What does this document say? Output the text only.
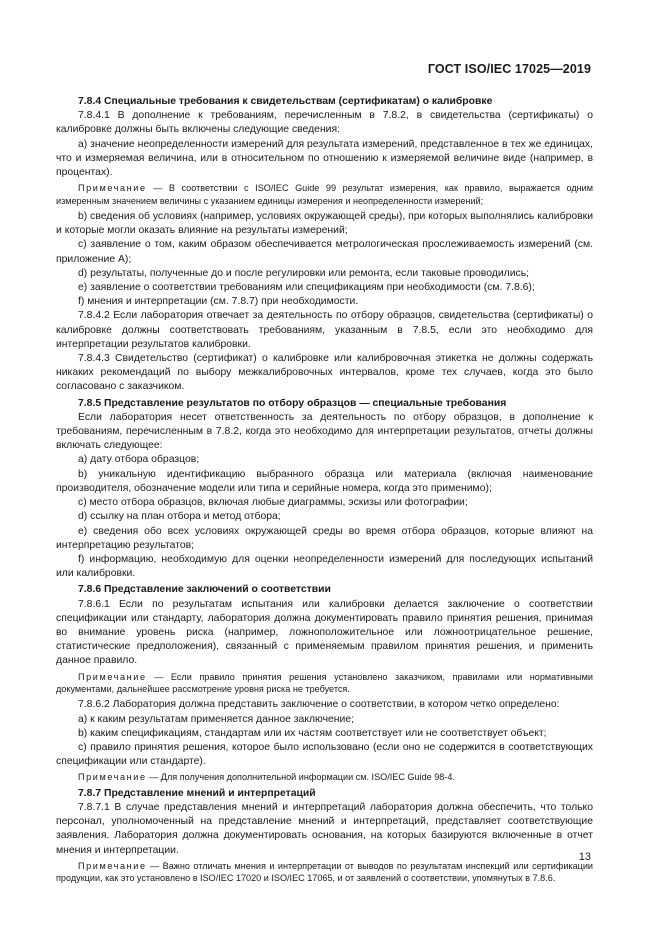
ГОСТ ISO/IEC 17025—2019

7.8.4 Специальные требования к свидетельствам (сертификатам) о калибровке

7.8.4.1 В дополнение к требованиям, перечисленным в 7.8.2, в свидетельства (сертификаты) о калибровке должны быть включены следующие сведения:

a) значение неопределенности измерений для результата измерений, представленное в тех же единицах, что и измеряемая величина, или в относительном по отношению к измеряемой величине виде (например, в процентах).

Примечание — В соответствии с ISO/IEC Guide 99 результат измерения, как правило, выражается одним измеренным значением величины с указанием единицы измерения и неопределенности измерений;

b) сведения об условиях (например, условиях окружающей среды), при которых выполнялись калибровки и которые могли оказать влияние на результаты измерений;

c) заявление о том, каким образом обеспечивается метрологическая прослеживаемость измерений (см. приложение А);

d) результаты, полученные до и после регулировки или ремонта, если таковые проводились;

e) заявление о соответствии требованиям или спецификациям при необходимости (см. 7.8.6);

f) мнения и интерпретации (см. 7.8.7) при необходимости.

7.8.4.2 Если лаборатория отвечает за деятельность по отбору образцов, свидетельства (сертификаты) о калибровке должны соответствовать требованиям, указанным в 7.8.5, если это необходимо для интерпретации результатов калибровки.

7.8.4.3 Свидетельство (сертификат) о калибровке или калибровочная этикетка не должны содержать никаких рекомендаций по выбору межкалибровочных интервалов, кроме тех случаев, когда это было согласовано с заказчиком.

7.8.5 Представление результатов по отбору образцов — специальные требования

Если лаборатория несет ответственность за деятельность по отбору образцов, в дополнение к требованиям, перечисленным в 7.8.2, когда это необходимо для интерпретации результатов, отчеты должны включать следующее:

a) дату отбора образцов;

b) уникальную идентификацию выбранного образца или материала (включая наименование производителя, обозначение модели или типа и серийные номера, когда это применимо);

c) место отбора образцов, включая любые диаграммы, эскизы или фотографии;

d) ссылку на план отбора и метод отбора;

e) сведения обо всех условиях окружающей среды во время отбора образцов, которые влияют на интерпретацию результатов;

f) информацию, необходимую для оценки неопределенности измерений для последующих испытаний или калибровки.

7.8.6 Представление заключений о соответствии

7.8.6.1 Если по результатам испытания или калибровки делается заключение о соответствии спецификации или стандарту, лаборатория должна документировать правило принятия решения, принимая во внимание уровень риска (например, ложноположительное или ложноотрицательное решение, статистические предположения), связанный с применяемым правилом принятия решения, и применить данное правило.

Примечание — Если правило принятия решения установлено заказчиком, правилами или нормативными документами, дальнейшее рассмотрение уровня риска не требуется.

7.8.6.2 Лаборатория должна представить заключение о соответствии, в котором четко определено:

a) к каким результатам применяется данное заключение;

b) каким спецификациям, стандартам или их частям соответствует или не соответствует объект;

c) правило принятия решения, которое было использовано (если оно не содержится в соответствующих спецификации или стандарте).

Примечание — Для получения дополнительной информации см. ISO/IEC Guide 98-4.

7.8.7 Представление мнений и интерпретаций

7.8.7.1 В случае представления мнений и интерпретаций лаборатория должна обеспечить, что только персонал, уполномоченный на представление мнений и интерпретаций, представляет соответствующие заявления. Лаборатория должна документировать основания, на которых базируются включенные в отчет мнения и интерпретации.

Примечание — Важно отличать мнения и интерпретации от выводов по результатам инспекций или сертификации продукции, как это установлено в ISO/IEC 17020 и ISO/IEC 17065, и от заявлений о соответствии, упомянутых в 7.8.6.

13
